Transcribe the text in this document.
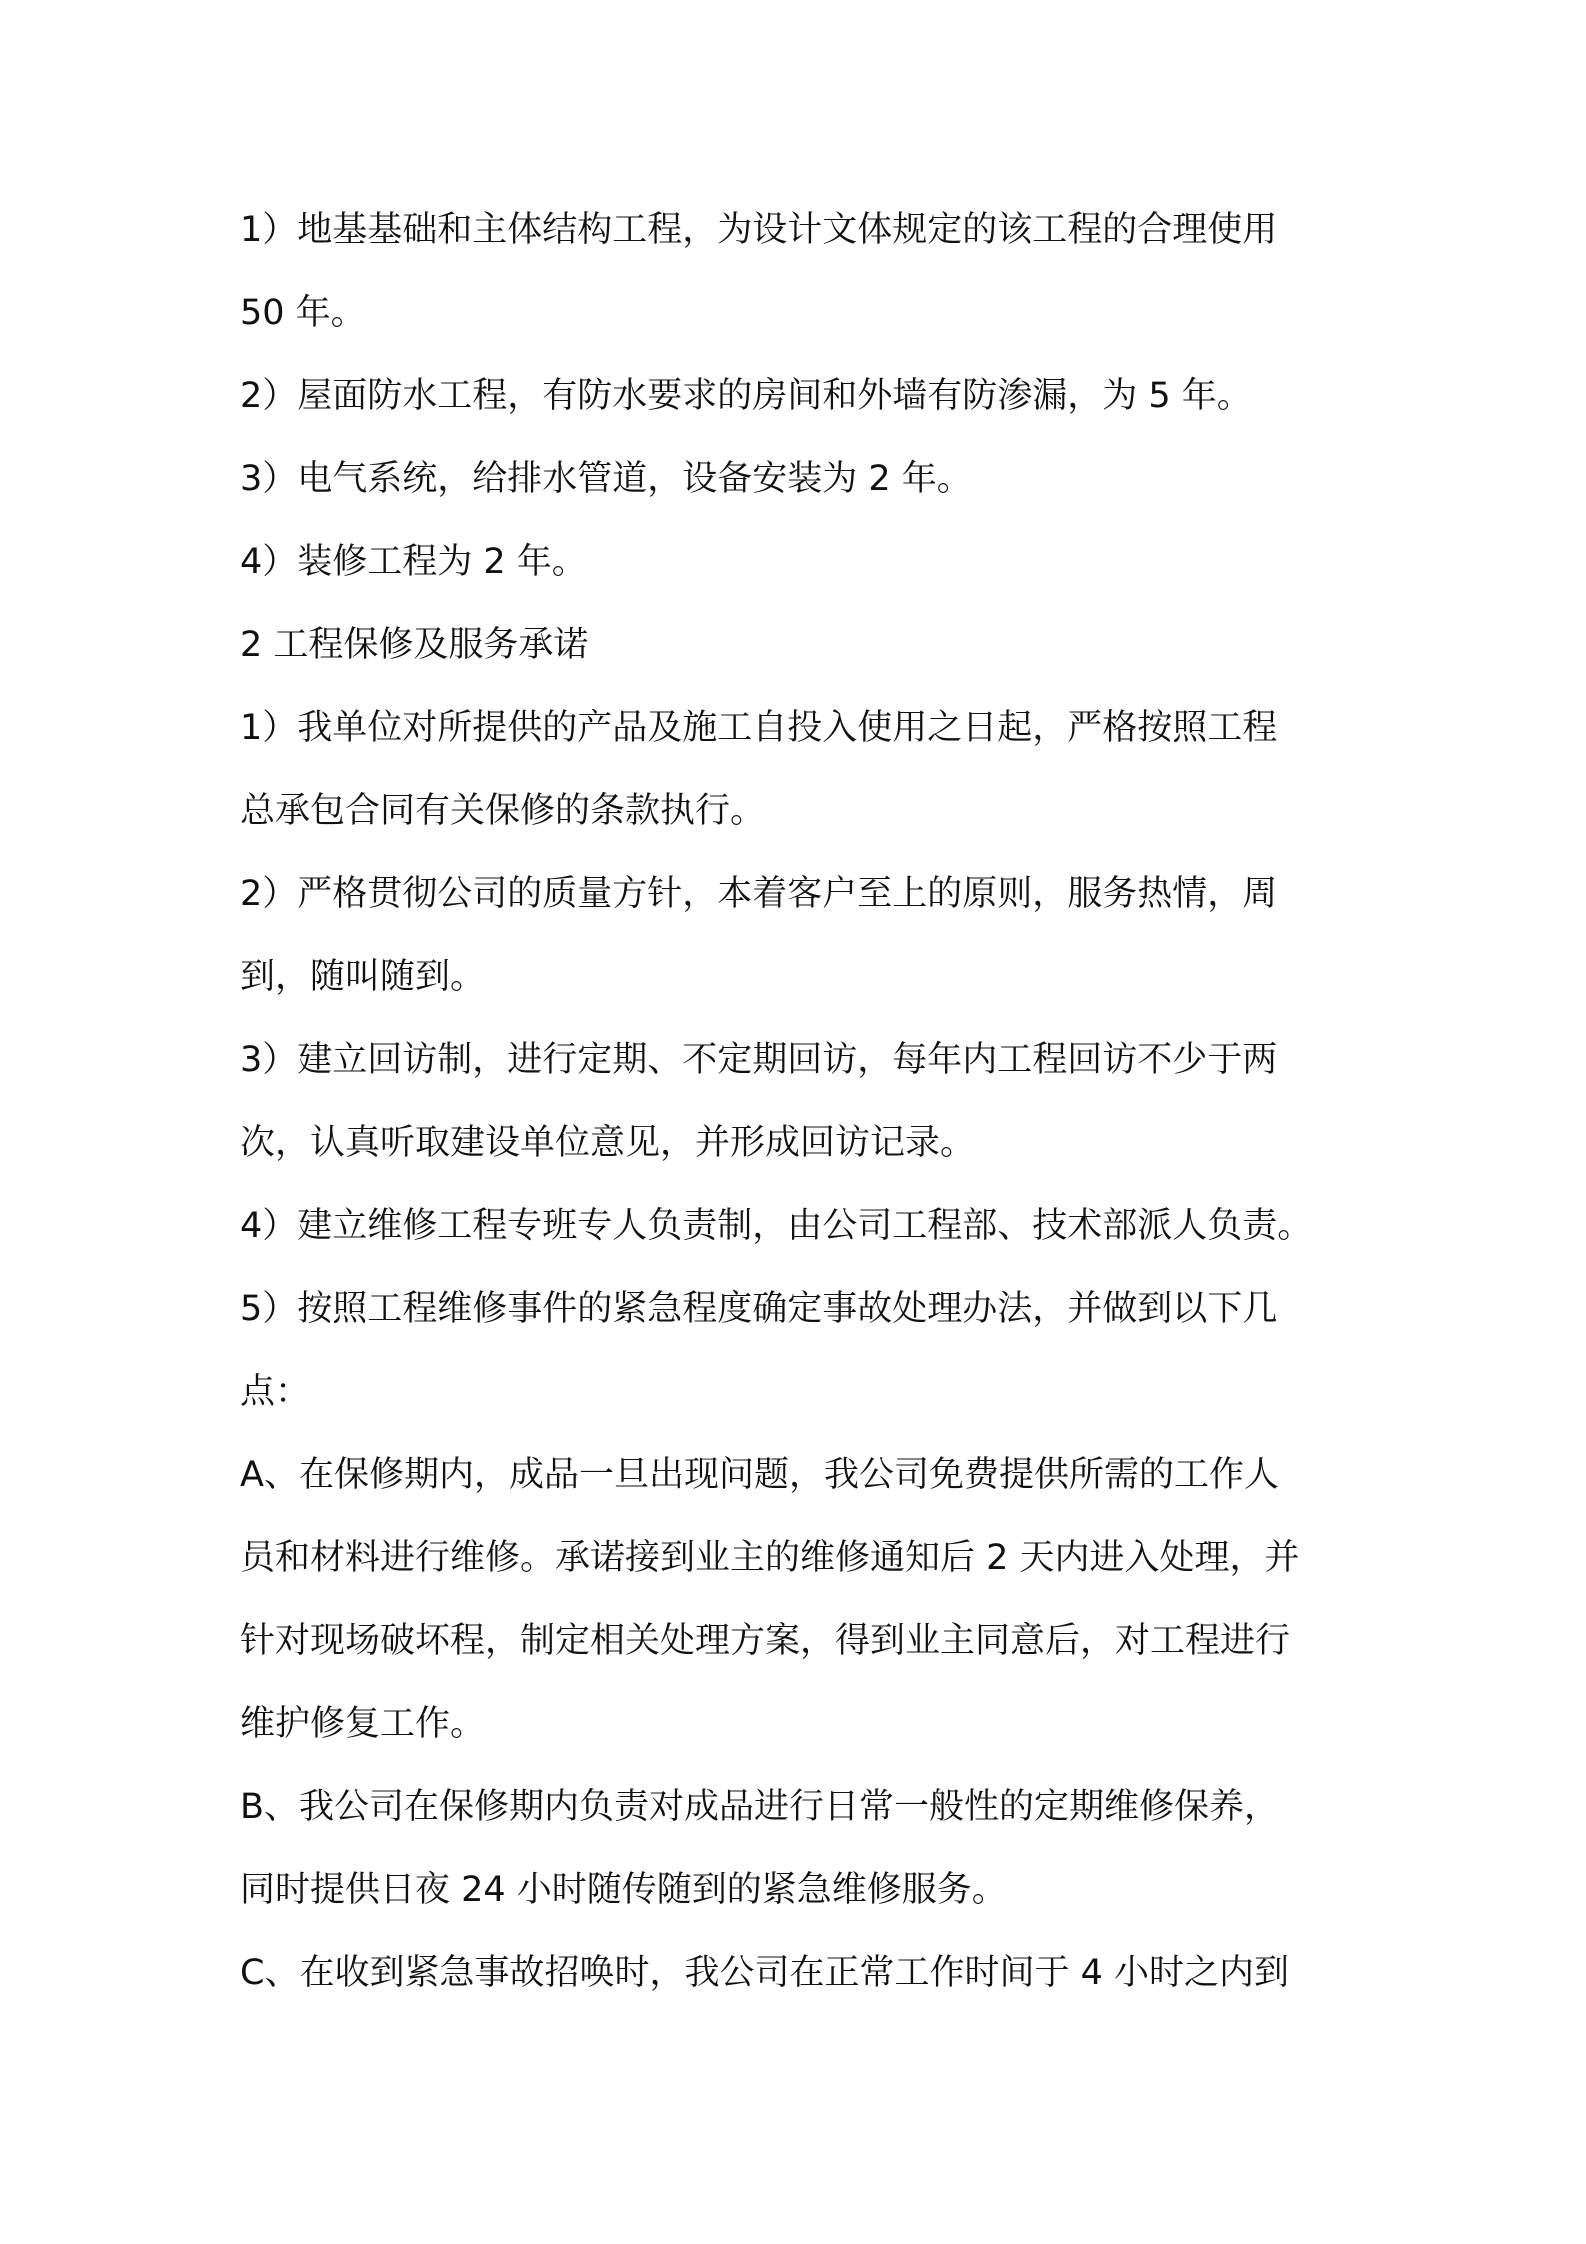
1）地基基础和主体结构工程，为设计文体规定的该工程的合理使用
50 年。
2）屋面防水工程，有防水要求的房间和外墙有防渗漏，为 5 年。
3）电气系统，给排水管道，设备安装为 2 年。
4）装修工程为 2 年。
2 工程保修及服务承诺
1）我单位对所提供的产品及施工自投入使用之日起，严格按照工程
总承包合同有关保修的条款执行。
2）严格贯彻公司的质量方针，本着客户至上的原则，服务热情，周
到，随叫随到。
3）建立回访制，进行定期、不定期回访，每年内工程回访不少于两
次，认真听取建设单位意见，并形成回访记录。
4）建立维修工程专班专人负责制，由公司工程部、技术部派人负责。
5）按照工程维修事件的紧急程度确定事故处理办法，并做到以下几
点：
A、在保修期内，成品一旦出现问题，我公司免费提供所需的工作人
员和材料进行维修。承诺接到业主的维修通知后 2 天内进入处理，并
针对现场破坏程，制定相关处理方案，得到业主同意后，对工程进行
维护修复工作。
B、我公司在保修期内负责对成品进行日常一般性的定期维修保养，
同时提供日夜 24 小时随传随到的紧急维修服务。
C、在收到紧急事故招唤时，我公司在正常工作时间于 4 小时之内到
